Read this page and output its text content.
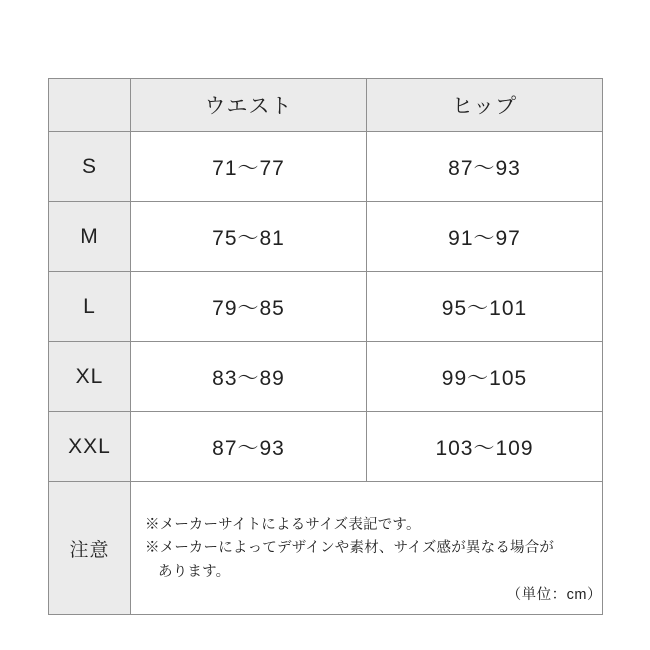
	ウエスト	ヒップ
S	71〜77	87〜93
M	75〜81	91〜97
L	79〜85	95〜101
XL	83〜89	99〜105
XXL	87〜93	103〜109
注意	※メーカーサイトによるサイズ表記です。
※メーカーによってデザインや素材、サイズ感が異なる場合が
あります。	
（単位：cm）
